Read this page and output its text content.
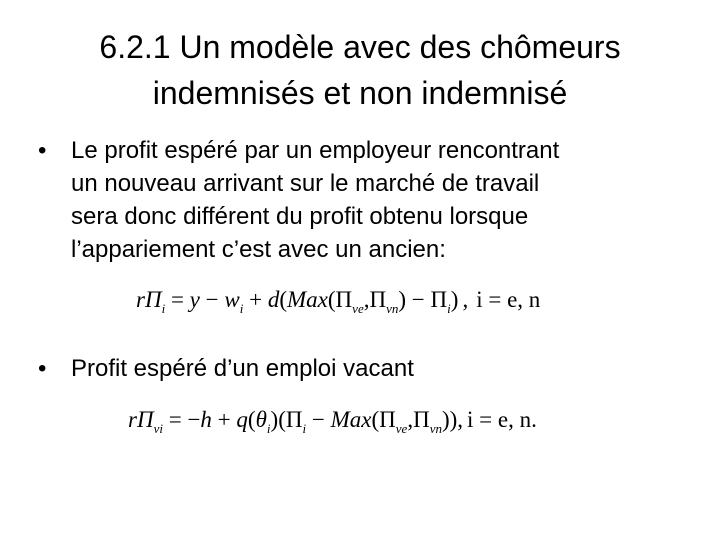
6.2.1 Un modèle avec des chômeurs
indemnisés et non indemnisé
• Le profit espéré par un employeur rencontrant
un nouveau arrivant sur le marché de travail
sera donc différent du profit obtenu lorsque
l’appariement c’est avec un ancien:
$r\Pi_i = y - w_i + d(Max(\Pi_{ve},\Pi_{vn}) - \Pi_i)$ , i = e, n
• Profit espéré d’un emploi vacant
$r\Pi_{vi} = -h + q(\theta_i)(\Pi_i - Max(\Pi_{ve},\Pi_{vn}))$, i = e, n.
